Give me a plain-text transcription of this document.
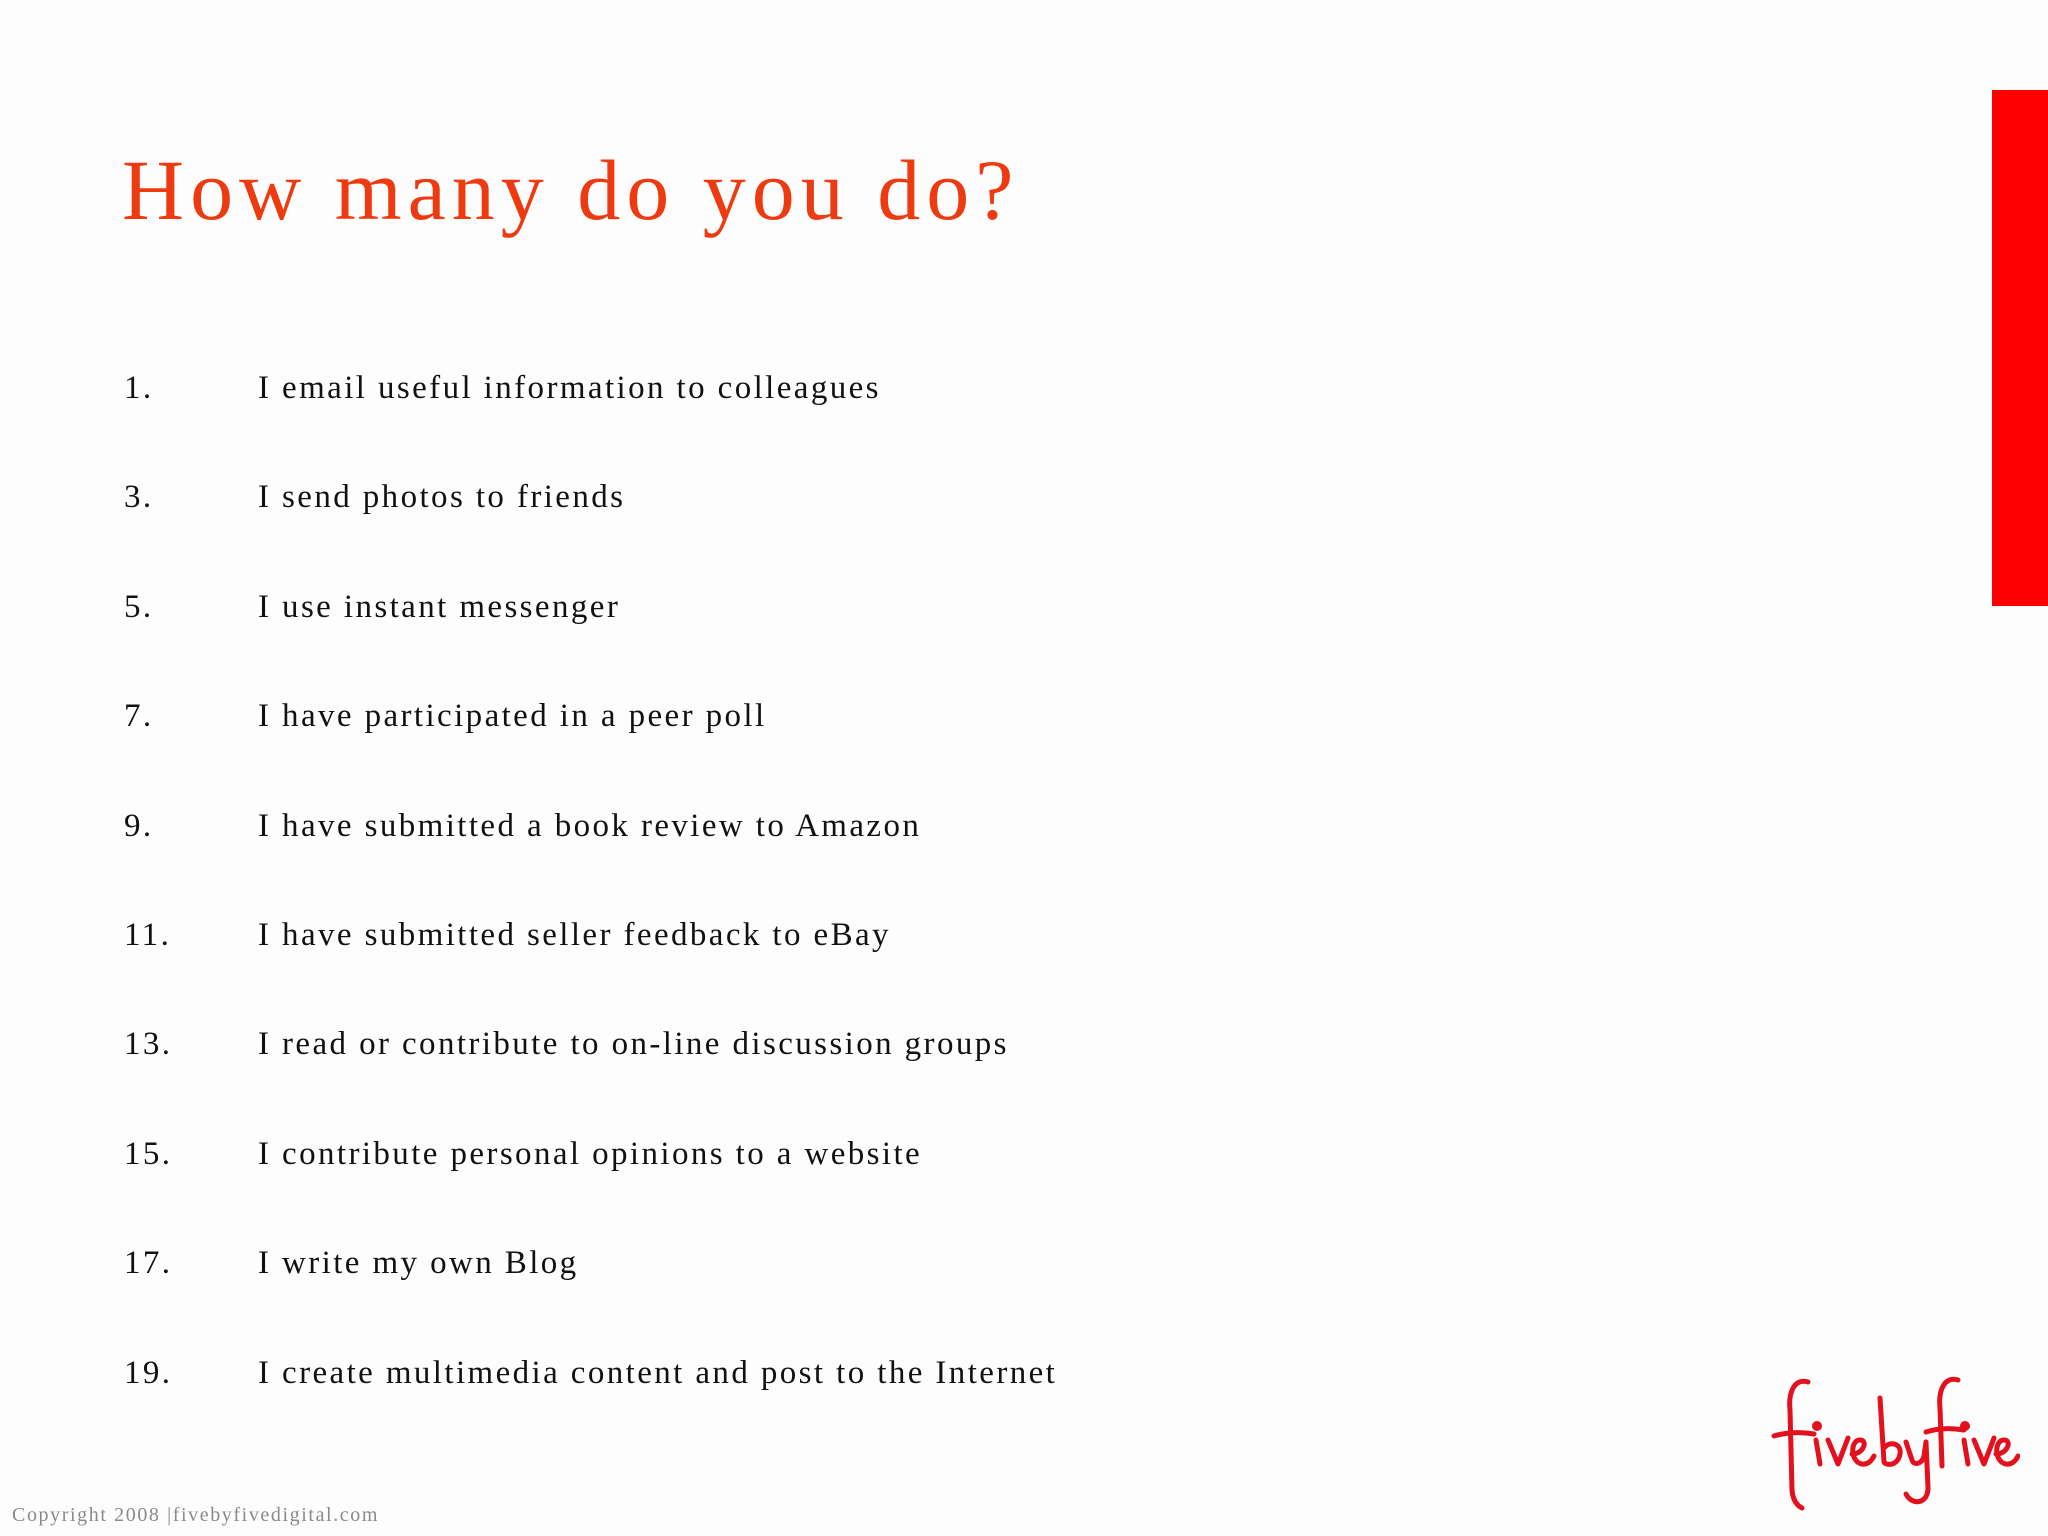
How many do you do?
1.	I email useful information to colleagues
3.	I send photos to friends
5.	I use instant messenger
7.	I have participated in a peer poll
9.	I have submitted a book review to Amazon
11.	I have submitted seller feedback to eBay
13.	I read or contribute to on-line discussion groups
15.	I contribute personal opinions to a website
17.	I write my own Blog
19.	I create multimedia content and post to the Internet
Copyright 2008 |fivebyfivedigital.com
